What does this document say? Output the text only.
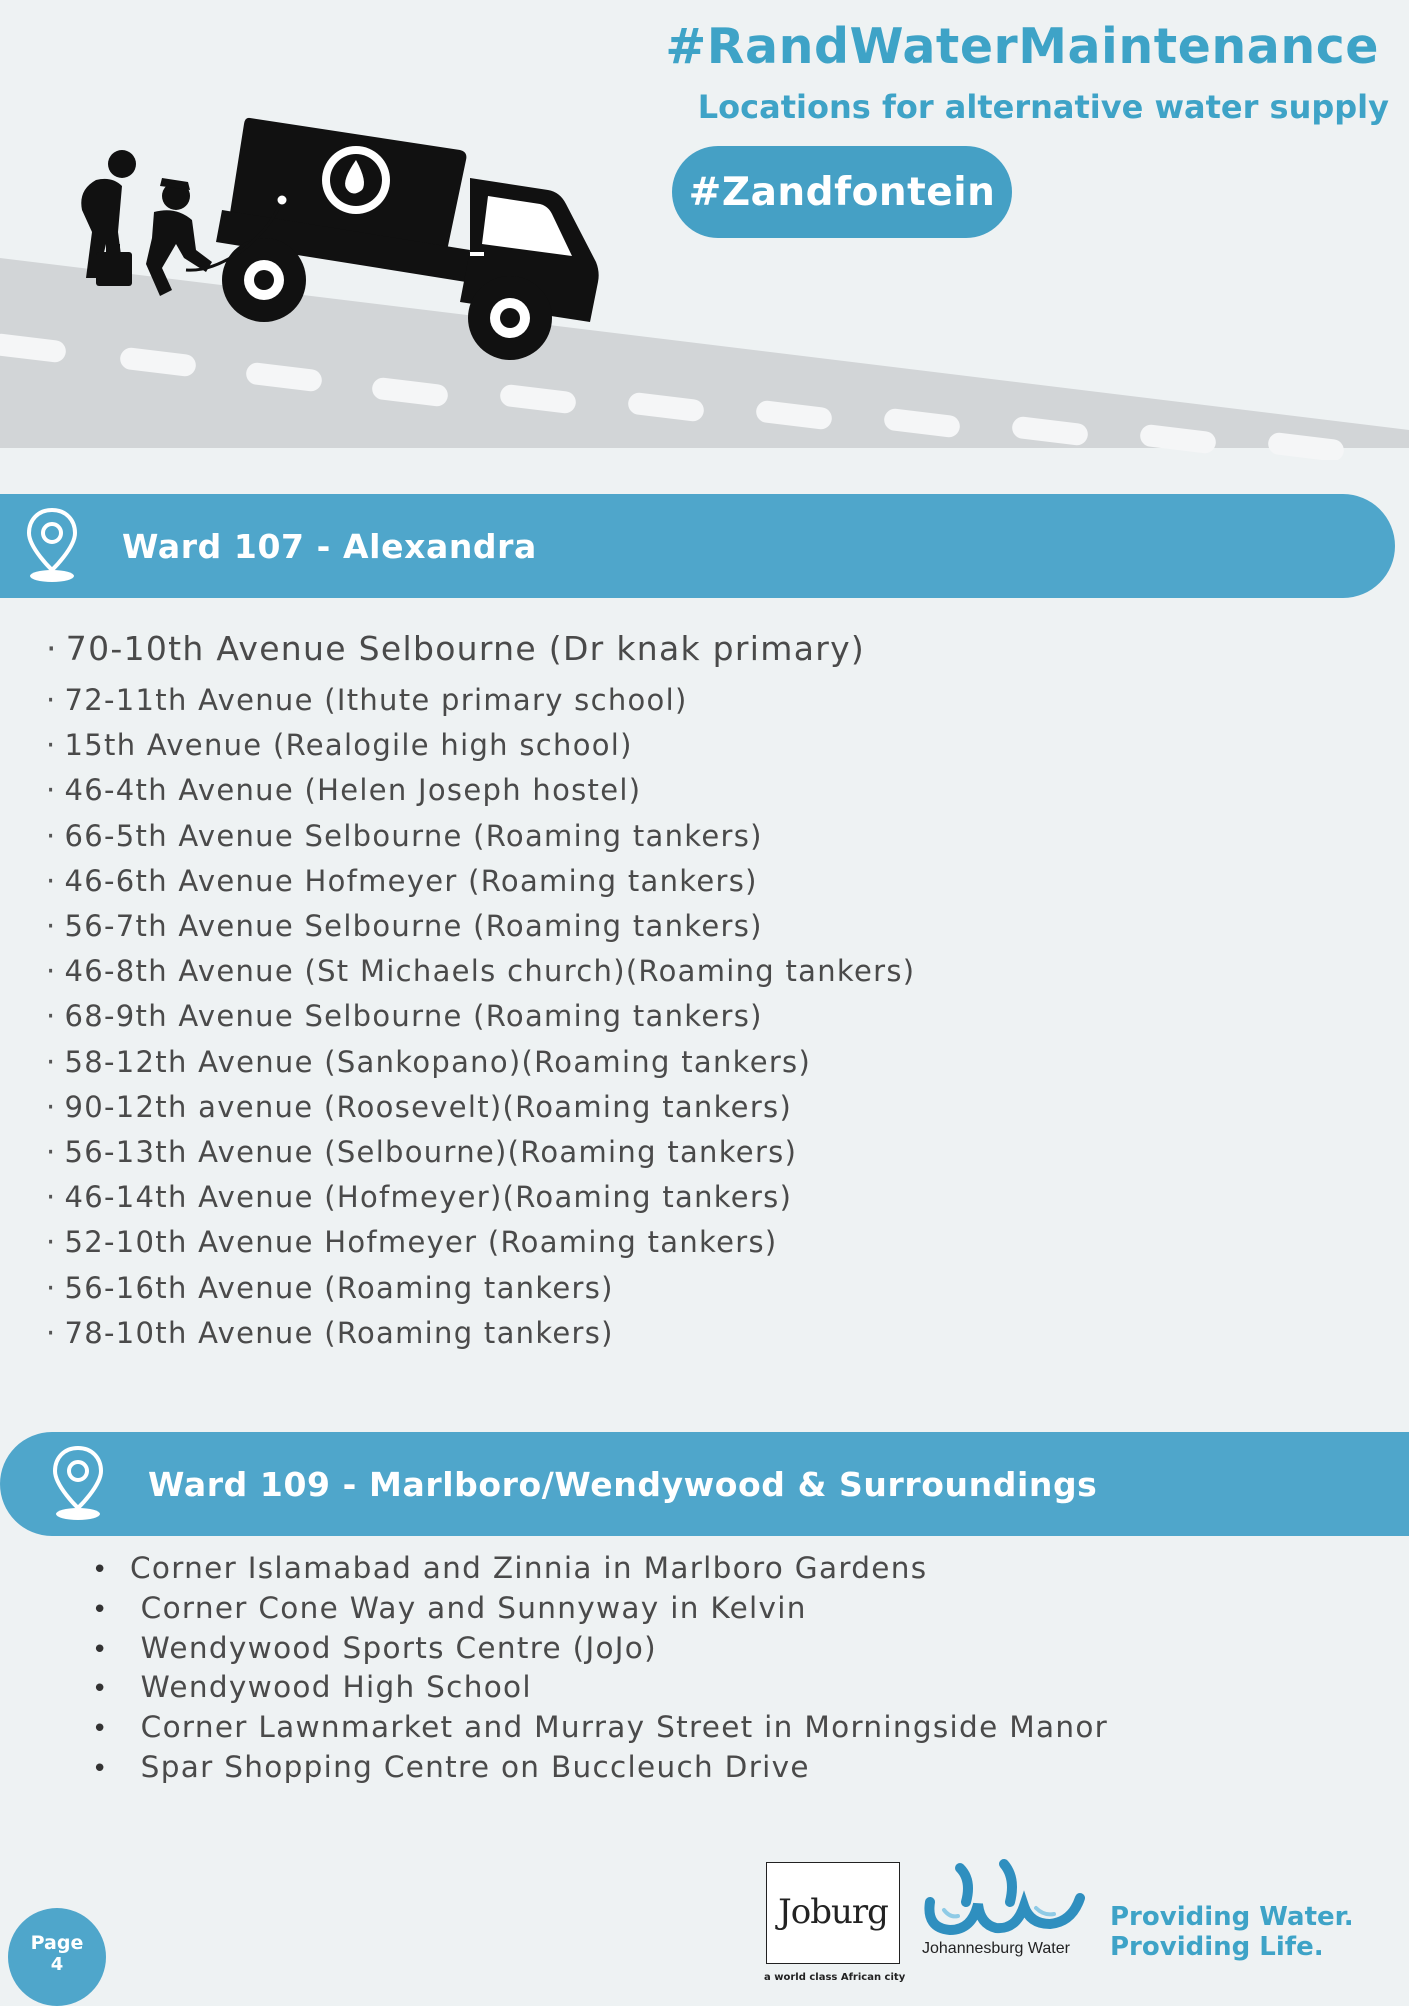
#RandWaterMaintenance

Locations for alternative water supply

#Zandfontein
Ward 107 - Alexandra
· 70-10th Avenue Selbourne (Dr knak primary)
· 72-11th Avenue (Ithute primary school)
· 15th Avenue (Realogile high school)
· 46-4th Avenue (Helen Joseph hostel)
· 66-5th Avenue Selbourne (Roaming tankers)
· 46-6th Avenue Hofmeyer (Roaming tankers)
· 56-7th Avenue Selbourne (Roaming tankers)
· 46-8th Avenue (St Michaels church)(Roaming tankers)
· 68-9th Avenue Selbourne (Roaming tankers)
· 58-12th Avenue (Sankopano)(Roaming tankers)
· 90-12th avenue (Roosevelt)(Roaming tankers)
· 56-13th Avenue (Selbourne)(Roaming tankers)
· 46-14th Avenue (Hofmeyer)(Roaming tankers)
· 52-10th Avenue Hofmeyer (Roaming tankers)
· 56-16th Avenue (Roaming tankers)
· 78-10th Avenue (Roaming tankers)
Ward 109 - Marlboro/Wendywood & Surroundings
• Corner Islamabad and Zinnia in Marlboro Gardens
• Corner Cone Way and Sunnyway in Kelvin
• Wendywood Sports Centre (JoJo)
• Wendywood High School
• Corner Lawnmarket and Murray Street in Morningside Manor
• Spar Shopping Centre on Buccleuch Drive
Page
4
Joburg
a world class African city
Johannesburg Water
Providing Water.
Providing Life.
